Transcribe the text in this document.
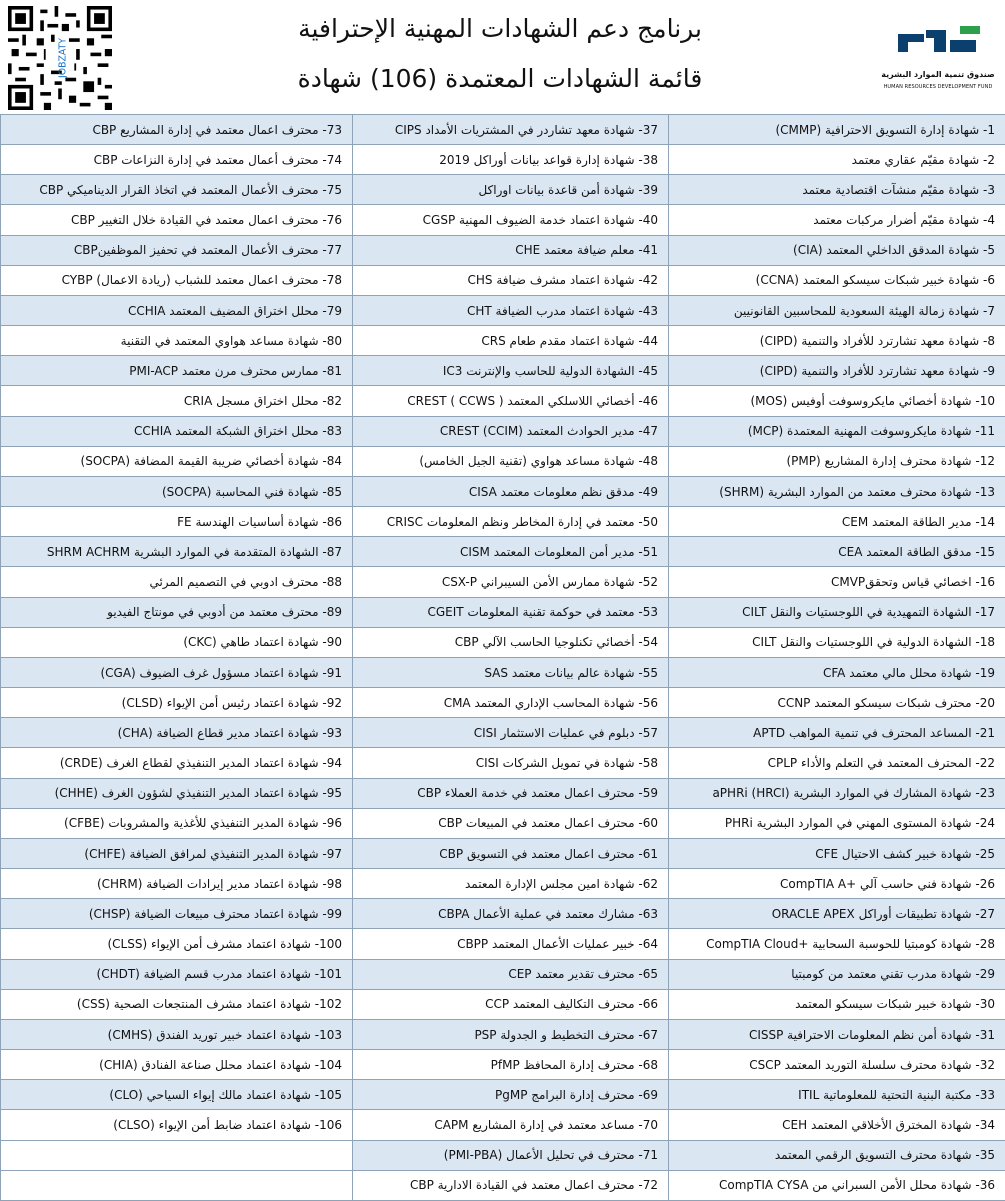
JOBZATY
برنامج دعم الشهادات المهنية الإحترافية
قائمة الشهادات المعتمدة (106) شهادة	صندوق تنمية الموارد البشرية
HUMAN RESOURCES DEVELOPMENT FUND
73- محترف اعمال معتمد في إدارة المشاريع CBP	37- شهادة معهد تشاردر في المشتريات الأمداد CIPS	1- شهادة إدارة التسويق الاحترافية (CMMP)
74- محترف أعمال معتمد في إدارة النزاعات CBP	38- شهادة إدارة قواعد بيانات أوراكل 2019	2- شهادة مقيّم عقاري معتمد
75- محترف الأعمال المعتمد في اتخاذ القرار الديناميكي CBP	39- شهادة أمن قاعدة بيانات اوراكل	3- شهادة مقيّم منشآت اقتصادية معتمد
76- محترف اعمال معتمد في القيادة خلال التغيير CBP	40- شهادة اعتماد خدمة الضيوف المهنية CGSP	4- شهادة مقيّم أضرار مركبات معتمد
77- محترف الأعمال المعتمد في تحفيز الموظفينCBP	41- معلم ضيافة معتمد CHE	5- شهادة المدقق الداخلي المعتمد (CIA)
78- محترف اعمال معتمد للشباب (ريادة الاعمال) CYBP	42- شهادة اعتماد مشرف ضيافة CHS	6- شهادة خبير شبكات سيسكو المعتمد (CCNA)
79- محلل اختراق المضيف المعتمد CCHIA	43- شهادة اعتماد مدرب الضيافة CHT	7- شهادة زمالة الهيئة السعودية للمحاسبين القانونيين
80- شهادة مساعد هواوي المعتمد في التقنية	44- شهادة اعتماد مقدم طعام CRS	8- شهادة معهد تشارترد للأفراد والتنمية (CIPD)
81- ممارس محترف مرن معتمد PMI-ACP	45- الشهادة الدولية للحاسب والإنترنت IC3	9- شهادة معهد تشارترد للأفراد والتنمية (CIPD)
82- محلل اختراق مسجل CRIA	46- أخصائي اللاسلكي المعتمد ( CREST ( CCWS	10- شهادة أخصائي مايكروسوفت أوفيس (MOS)
83- محلل اختراق الشبكة المعتمد CCHIA	47- مدير الحوادث المعتمد (CREST (CCIM	11- شهادة مايكروسوفت المهنية المعتمدة (MCP)
84- شهادة أخصائي ضريبة القيمة المضافة (SOCPA)	48- شهادة مساعد هواوي (تقنية الجيل الخامس)	12- شهادة محترف إدارة المشاريع (PMP)
85- شهادة فني المحاسبة (SOCPA)	49- مدقق نظم معلومات معتمد CISA	13- شهادة محترف معتمد من الموارد البشرية (SHRM)
86- شهادة أساسيات الهندسة FE	50- معتمد في إدارة المخاطر ونظم المعلومات CRISC	14- مدير الطاقة المعتمد CEM
87- الشهادة المتقدمة في الموارد البشرية SHRM ACHRM	51- مدير أمن المعلومات المعتمد CISM	15- مدقق الطاقة المعتمد CEA
88- محترف ادوبي في التصميم المرئي	52- شهادة ممارس الأمن السيبراني CSX-P	16- اخصائي قياس وتحققCMVP
89- محترف معتمد من أدوبي في مونتاج الفيديو	53- معتمد في حوكمة تقنية المعلومات CGEIT	17- الشهادة التمهيدية في اللوجستيات والنقل CILT
90- شهادة اعتماد طاهي (CKC)	54- أخصائي تكنلوجيا الحاسب الآلي CBP	18- الشهادة الدولية في اللوجستيات والنقل CILT
91- شهادة اعتماد مسؤول غرف الضيوف (CGA)	55- شهادة عالم بيانات معتمد SAS	19- شهادة محلل مالي معتمد CFA
92- شهادة اعتماد رئيس أمن الإيواء (CLSD)	56- شهادة المحاسب الإداري المعتمد CMA	20- محترف شبكات سيسكو المعتمد CCNP
93- شهادة اعتماد مدير قطاع الضيافة (CHA)	57- دبلوم في عمليات الاستثمار CISI	21- المساعد المحترف في تنمية المواهب APTD
94- شهادة اعتماد المدير التنفيذي لقطاع الغرف (CRDE)	58- شهادة في تمويل الشركات CISI	22- المحترف المعتمد في التعلم والأداء CPLP
95- شهادة اعتماد المدير التنفيذي لشؤون الغرف (CHHE)	59- محترف اعمال معتمد في خدمة العملاء CBP	23- شهادة المشارك في الموارد البشرية (aPHRi (HRCI
96- شهادة المدير التنفيذي للأغذية والمشروبات (CFBE)	60- محترف اعمال معتمد في المبيعات CBP	24- شهادة المستوى المهني في الموارد البشرية PHRi
97- شهادة المدير التنفيذي لمرافق الضيافة (CHFE)	61- محترف اعمال معتمد في التسويق CBP	25- شهادة خبير كشف الاحتيال CFE
98- شهادة اعتماد مدير إيرادات الضيافة (CHRM)	62- شهادة امين مجلس الإدارة المعتمد	26- شهادة فني حاسب آلي +CompTIA A
99- شهادة اعتماد محترف مبيعات الضيافة (CHSP)	63- مشارك معتمد في عملية الأعمال CBPA	27- شهادة تطبيقات أوراكل ORACLE APEX
100- شهادة اعتماد مشرف أمن الإيواء (CLSS)	64- خبير عمليات الأعمال المعتمد CBPP	28- شهادة كومبتيا للحوسبة السحابية +CompTIA Cloud
101- شهادة اعتماد مدرب قسم الضيافة (CHDT)	65- محترف تقدير معتمد CEP	29- شهادة مدرب تقني معتمد من كومبتيا
102- شهادة اعتماد مشرف المنتجعات الصحية (CSS)	66- محترف التكاليف المعتمد CCP	30- شهادة خبير شبكات سيسكو المعتمد
103- شهادة اعتماد خبير توريد الفندق (CMHS)	67- محترف التخطيط و الجدولة PSP	31- شهادة أمن نظم المعلومات الاحترافية CISSP
104- شهادة اعتماد محلل صناعة الفنادق (CHIA)	68- محترف إدارة المحافظ PfMP	32- شهادة محترف سلسلة التوريد المعتمد CSCP
105- شهادة اعتماد مالك إيواء السياحي (CLO)	69- محترف إدارة البرامج PgMP	33- مكتبة البنية التحتية للمعلوماتية ITIL
106- شهادة اعتماد ضابط أمن الإيواء (CLSO)	70- مساعد معتمد في إدارة المشاريع CAPM	34- شهادة المخترق الأخلاقي المعتمد CEH
71- محترف في تحليل الأعمال (PMI-PBA)	35- شهادة محترف التسويق الرقمي المعتمد
72- محترف اعمال معتمد في القيادة الادارية CBP	36- شهادة محلل الأمن السبراني من CompTIA CYSA
